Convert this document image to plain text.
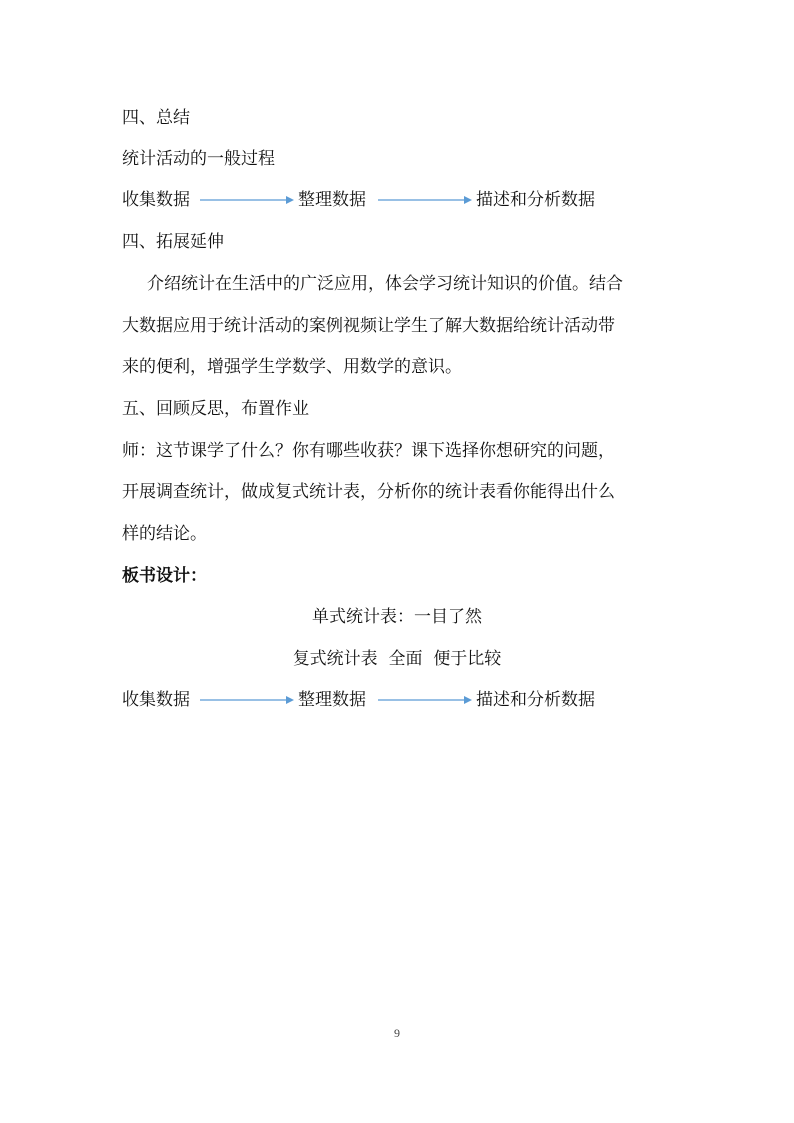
四、总结
统计活动的一般过程
收集数据	整理数据	描述和分析数据
四、拓展延伸
介绍统计在生活中的广泛应用，体会学习统计知识的价值。结合
大数据应用于统计活动的案例视频让学生了解大数据给统计活动带
来的便利，增强学生学数学、用数学的意识。
五、回顾反思，布置作业
师：这节课学了什么？你有哪些收获？课下选择你想研究的问题，
开展调查统计，做成复式统计表，分析你的统计表看你能得出什么
样的结论。
板书设计：
单式统计表：一目了然
复式统计表  全面  便于比较
收集数据	整理数据	描述和分析数据
9
